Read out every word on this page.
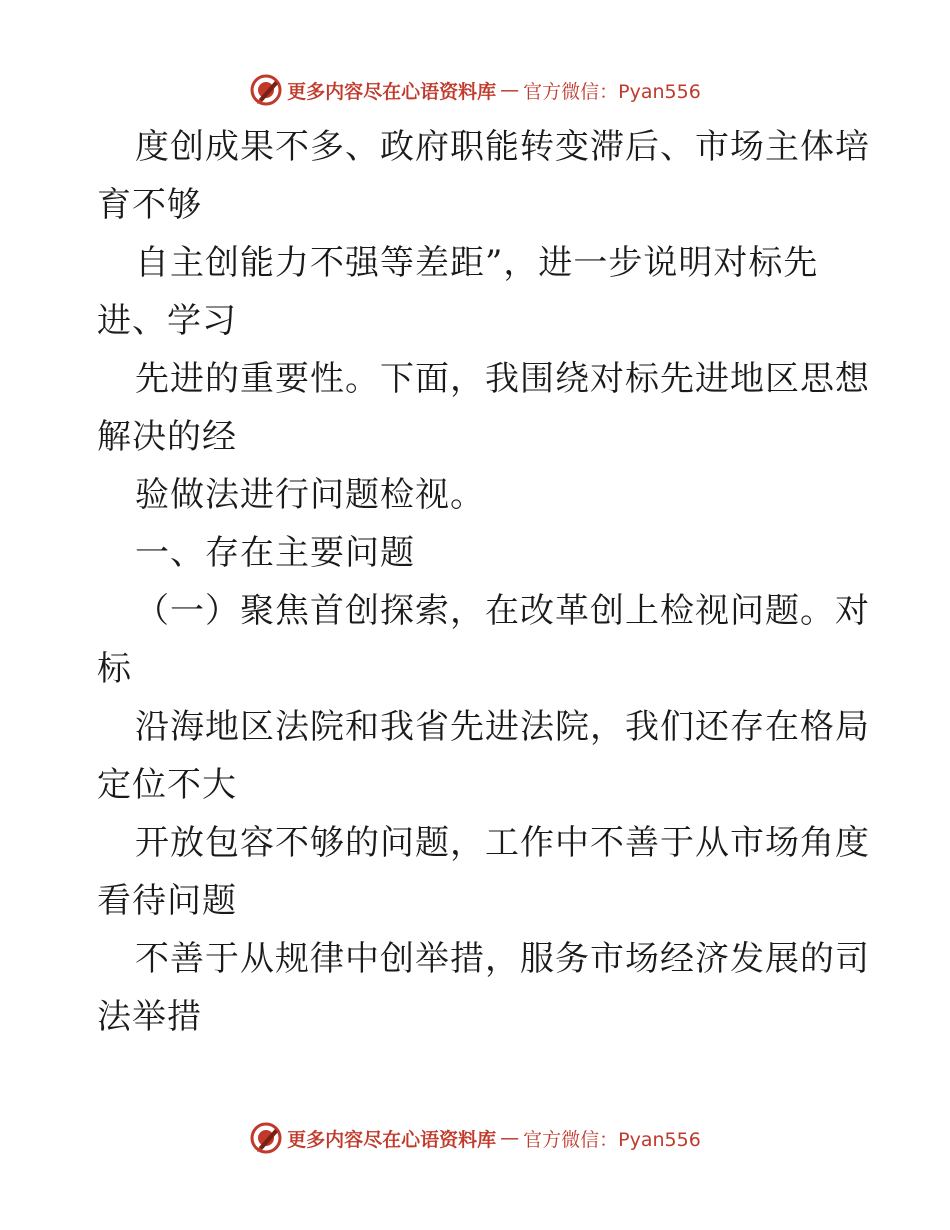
更多内容尽在心语资料库 — 官方微信：Pyan556
度创成果不多、政府职能转变滞后、市场主体培
育不够
自主创能力不强等差距”，进一步说明对标先
进、学习
先进的重要性。下面，我围绕对标先进地区思想
解决的经
验做法进行问题检视。
一、存在主要问题
（一）聚焦首创探索，在改革创上检视问题。对
标
沿海地区法院和我省先进法院，我们还存在格局
定位不大
开放包容不够的问题，工作中不善于从市场角度
看待问题
不善于从规律中创举措，服务市场经济发展的司
法举措
更多内容尽在心语资料库 — 官方微信：Pyan556
